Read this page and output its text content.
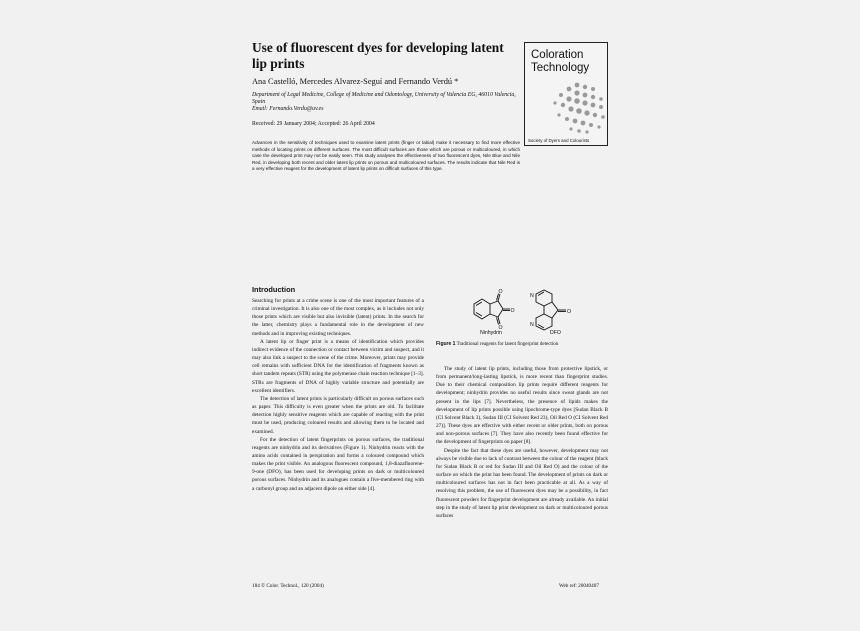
Use of fluorescent dyes for developing latent lip prints
Ana Castelló, Mercedes Alvarez-Seguí and Fernando Verdú *
Department of Legal Medicine, College of Medicine and Odontology, University of Valencia EG, 46010 Valencia, Spain
Email: Fernando.Verdu@uv.es
Received: 29 January 2004; Accepted: 26 April 2004

Advances in the sensitivity of techniques used to examine latent prints (finger or labial) make it necessary to find more effective methods of locating prints on different surfaces. The most difficult surfaces are those which are porous or multicoloured, in which case the developed print may not be easily seen. This study analyses the effectiveness of two fluorescent dyes, Nile Blue and Nile Red, in developing both recent and older latent lip prints on porous and multicoloured surfaces. The results indicate that Nile Red is a very effective reagent for the development of latent lip prints on difficult surfaces of this type.

Coloration
Technology
Society of Dyers and Colourists
Introduction

Searching for prints at a crime scene is one of the most important features of a criminal investigation. It is also one of the most complex, as it includes not only those prints which are visible but also invisible (latent) prints. In the search for the latter, chemistry plays a fundamental role in the development of new methods and in improving existing techniques.

A latent lip or finger print is a means of identification which provides indirect evidence of the connection or contact between victim and suspect, and it may also link a suspect to the scene of the crime. Moreover, prints may provide cell remains with sufficient DNA for the identification of fragments known as short tandem repeats (STR) using the polymerase chain reaction technique [1–3]. STRs are fragments of DNA of highly variable structure and potentially are excellent identifiers.

The detection of latent prints is particularly difficult on porous surfaces such as paper. This difficulty is even greater when the prints are old. To facilitate detection highly sensitive reagents which are capable of reacting with the print must be used, producing coloured results and allowing them to be located and examined.

For the detection of latent fingerprints on porous surfaces, the traditional reagents are ninhydrin and its derivatives (Figure 1). Ninhydrin reacts with the amino acids contained in perspiration and forms a coloured compound which makes the print visible. An analogous fluorescent compound, 1,8-diazafluorene-9-one (DFO), has been used for developing prints on dark or multicoloured porous surfaces. Ninhydrin and its analogues contain a five-membered ring with a carbonyl group and an adjacent dipole on either side [4].

O
O
O
Ninhydrin
N
N
O
DFO
Figure 1 Traditional reagents for latent fingerprint detection

The study of latent lip prints, including those from protective lipstick, or from permanent/long-lasting lipstick, is more recent than fingerprint studies. Due to their chemical composition lip prints require different reagents for development; ninhydrin provides no useful results since sweat glands are not present in the lips [7]. Nevertheless, the presence of lipids makes the development of lip prints possible using lipochrome-type dyes [Sudan Black B (CI Solvent Black 3), Sudan III (CI Solvent Red 23), Oil Red O (CI Solvent Red 27)]. These dyes are effective with either recent or older prints, both on porous and non-porous surfaces [7]. They have also recently been found effective for the development of fingerprints on paper [8].

Despite the fact that these dyes are useful, however, development may not always be visible due to lack of contrast between the colour of the reagent (black for Sudan Black B or red for Sudan III and Oil Red O) and the colour of the surface on which the print has been found. The development of prints on dark or multicoloured surfaces has not in fact been practicable at all. As a way of resolving this problem, the use of fluorescent dyes may be a possibility, in fact fluorescent powders for fingerprint development are already available. An initial step in the study of latent lip print development on dark or multicoloured porous surfaces

184 © Color. Technol., 120 (2004)	Web ref: 20040407
